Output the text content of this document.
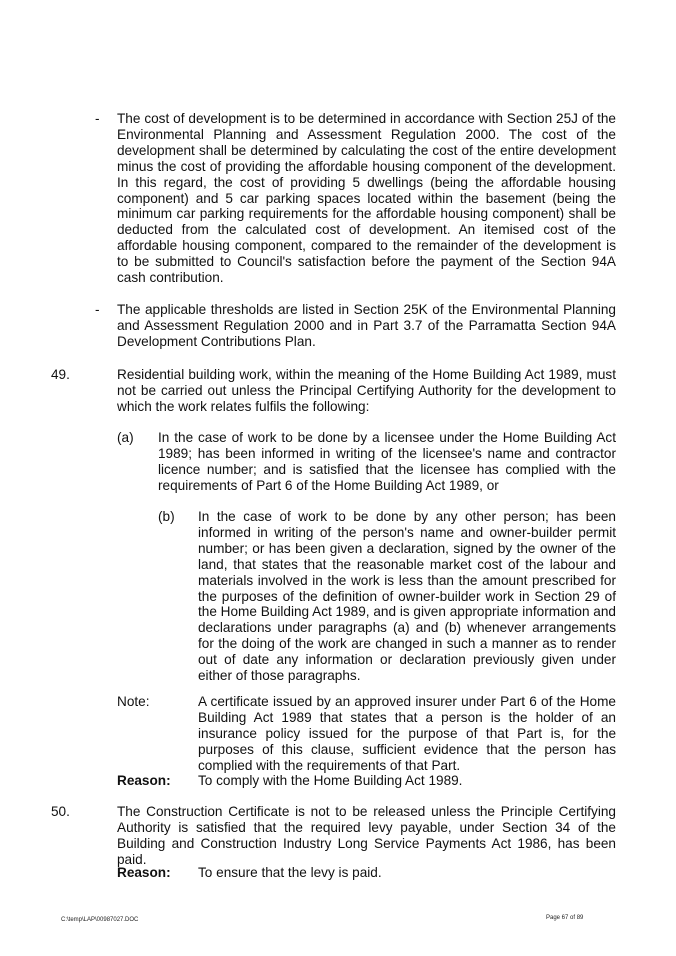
- The cost of development is to be determined in accordance with Section 25J of the Environmental Planning and Assessment Regulation 2000. The cost of the development shall be determined by calculating the cost of the entire development minus the cost of providing the affordable housing component of the development. In this regard, the cost of providing 5 dwellings (being the affordable housing component) and 5 car parking spaces located within the basement (being the minimum car parking requirements for the affordable housing component) shall be deducted from the calculated cost of development. An itemised cost of the affordable housing component, compared to the remainder of the development is to be submitted to Council's satisfaction before the payment of the Section 94A cash contribution.

- The applicable thresholds are listed in Section 25K of the Environmental Planning and Assessment Regulation 2000 and in Part 3.7 of the Parramatta Section 94A Development Contributions Plan.

49.	Residential building work, within the meaning of the Home Building Act 1989, must not be carried out unless the Principal Certifying Authority for the development to which the work relates fulfils the following:

(a) In the case of work to be done by a licensee under the Home Building Act 1989; has been informed in writing of the licensee's name and contractor licence number; and is satisfied that the licensee has complied with the requirements of Part 6 of the Home Building Act 1989, or

(b) In the case of work to be done by any other person; has been informed in writing of the person's name and owner-builder permit number; or has been given a declaration, signed by the owner of the land, that states that the reasonable market cost of the labour and materials involved in the work is less than the amount prescribed for the purposes of the definition of owner-builder work in Section 29 of the Home Building Act 1989, and is given appropriate information and declarations under paragraphs (a) and (b) whenever arrangements for the doing of the work are changed in such a manner as to render out of date any information or declaration previously given under either of those paragraphs.

Note:	A certificate issued by an approved insurer under Part 6 of the Home Building Act 1989 that states that a person is the holder of an insurance policy issued for the purpose of that Part is, for the purposes of this clause, sufficient evidence that the person has complied with the requirements of that Part.

Reason: To comply with the Home Building Act 1989.

50.	The Construction Certificate is not to be released unless the Principle Certifying Authority is satisfied that the required levy payable, under Section 34 of the Building and Construction Industry Long Service Payments Act 1986, has been paid.

Reason: To ensure that the levy is paid.

C:\temp\LAP\00987027.DOC	Page 67 of 89
